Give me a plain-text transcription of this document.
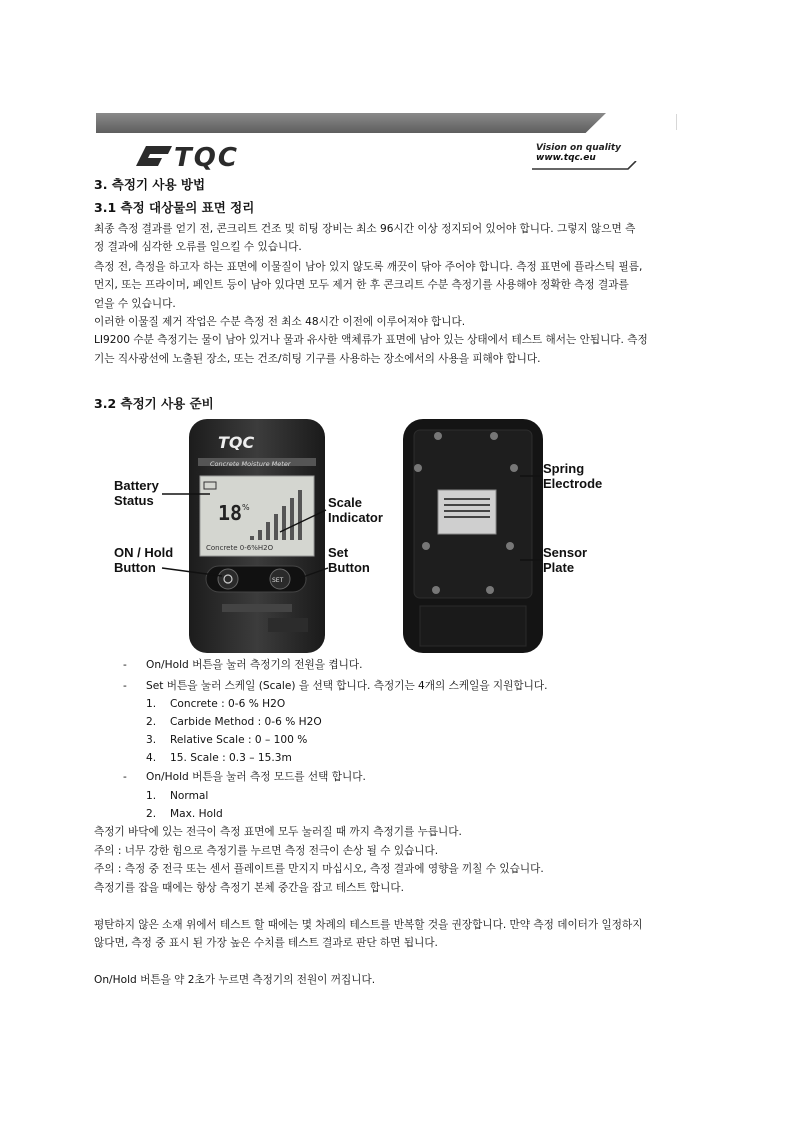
TQC	Vision on quality
www.tqc.eu
3. 측정기 사용 방법
3.1 측정 대상물의 표면 정리
최종 측정 결과를 얻기 전, 콘크리트 건조 및 히팅 장비는 최소 96시간 이상 정지되어 있어야 합니다. 그렇지 않으면 측
정 결과에 심각한 오류를 일으킬 수 있습니다.
측정 전, 측정을 하고자 하는 표면에 이물질이 남아 있지 않도록 깨끗이 닦아 주어야 합니다. 측정 표면에 플라스틱 필름,
먼지, 또는 프라이머, 페인트 등이 남아 있다면 모두 제거 한 후 콘크리트 수분 측정기를 사용해야 정확한 측정 결과를
얻을 수 있습니다.
이러한 이물질 제거 작업은 수분 측정 전 최소 48시간 이전에 이루어져야 합니다.
LI9200 수분 측정기는 물이 남아 있거나 물과 유사한 액체류가 표면에 남아 있는 상태에서 테스트 해서는 안됩니다. 측정
기는 직사광선에 노출된 장소, 또는 건조/히팅 기구를 사용하는 장소에서의 사용을 피해야 합니다.
3.2 측정기 사용 준비
TQC
Concrete Moisture Meter
18 %
Concrete 0-6%H2O
SET
Battery
Status	Scale
Indicator
ON / Hold
Button
Set
Button
Spring
Electrode
Sensor
Plate
- On/Hold 버튼을 눌러 측정기의 전원을 켭니다.
- Set 버튼을 눌러 스케일 (Scale) 을 선택 합니다. 측정기는 4개의 스케일을 지원합니다.
1. Concrete : 0-6 % H2O
2. Carbide Method : 0-6 % H2O
3. Relative Scale : 0 – 100 %
4. 15. Scale : 0.3 – 15.3m
- On/Hold 버튼을 눌러 측정 모드를 선택 합니다.
1. Normal
2. Max. Hold
측정기 바닥에 있는 전극이 측정 표면에 모두 눌러질 때 까지 측정기를 누릅니다.
주의 : 너무 강한 힘으로 측정기를 누르면 측정 전극이 손상 될 수 있습니다.
주의 : 측정 중 전극 또는 센서 플레이트를 만지지 마십시오, 측정 결과에 영향을 끼칠 수 있습니다.
측정기를 잡을 때에는 항상 측정기 본체 중간을 잡고 테스트 합니다.
평탄하지 않은 소재 위에서 테스트 할 때에는 몇 차례의 테스트를 반복할 것을 권장합니다. 만약 측정 데이터가 일정하지
않다면, 측정 중 표시 된 가장 높은 수치를 테스트 결과로 판단 하면 됩니다.
On/Hold 버튼을 약 2초가 누르면 측정기의 전원이 꺼집니다.
